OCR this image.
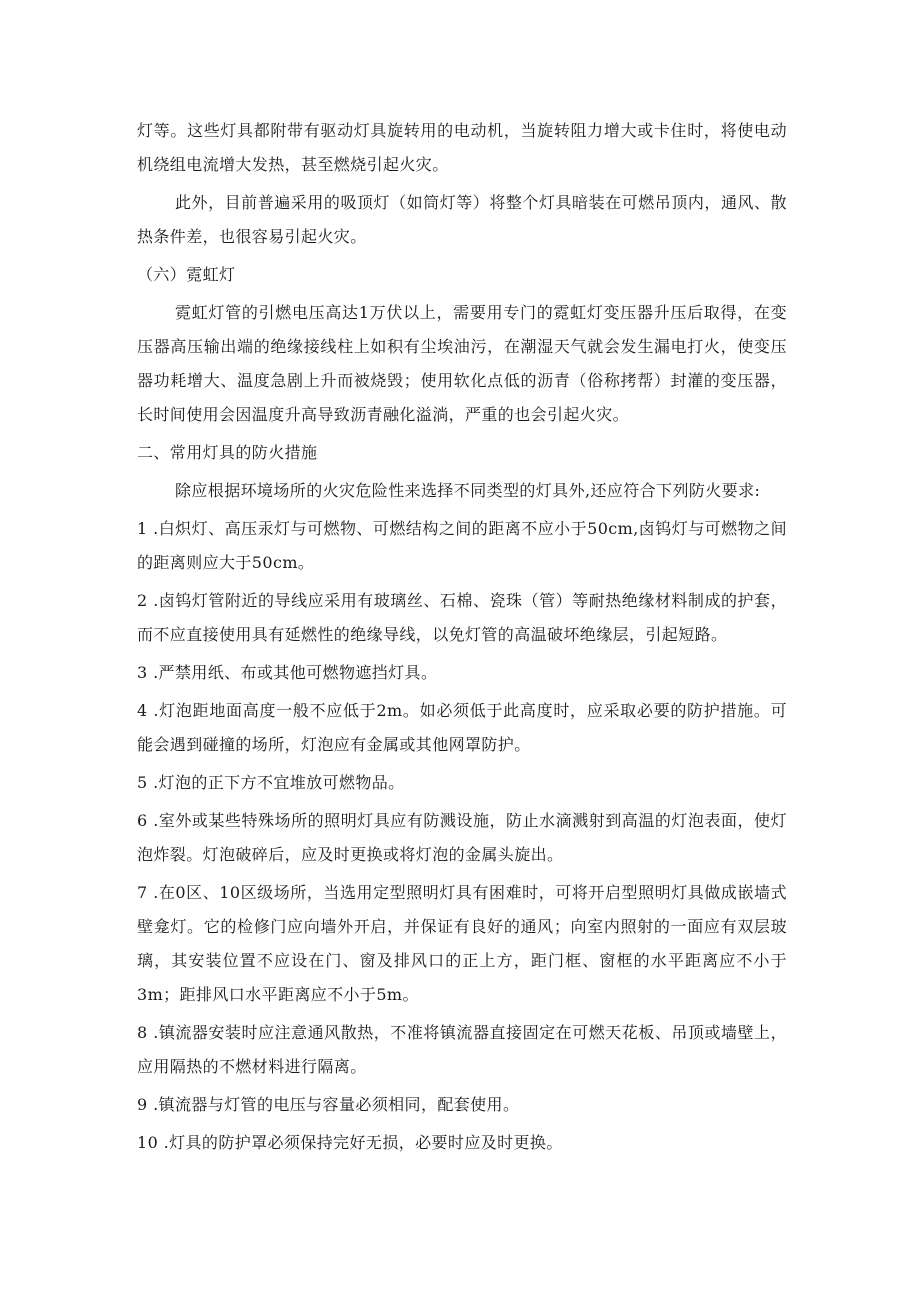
灯等。这些灯具都附带有驱动灯具旋转用的电动机，当旋转阻力增大或卡住时，将使电动机绕组电流增大发热，甚至燃烧引起火灾。

此外，目前普遍采用的吸顶灯（如筒灯等）将整个灯具暗装在可燃吊顶内，通风、散热条件差，也很容易引起火灾。

（六）霓虹灯

霓虹灯管的引燃电压高达1万伏以上，需要用专门的霓虹灯变压器升压后取得，在变压器高压输出端的绝缘接线柱上如积有尘埃油污，在潮湿天气就会发生漏电打火，使变压器功耗增大、温度急剧上升而被烧毁；使用软化点低的沥青（俗称拷帮）封灌的变压器，长时间使用会因温度升高导致沥青融化溢淌，严重的也会引起火灾。

二、常用灯具的防火措施

除应根据环境场所的火灾危险性来选择不同类型的灯具外,还应符合下列防火要求:

1 .白炽灯、高压汞灯与可燃物、可燃结构之间的距离不应小于50cm,卤钨灯与可燃物之间的距离则应大于50cm。

2 .卤钨灯管附近的导线应采用有玻璃丝、石棉、瓷珠（管）等耐热绝缘材料制成的护套，而不应直接使用具有延燃性的绝缘导线，以免灯管的高温破坏绝缘层，引起短路。

3 .严禁用纸、布或其他可燃物遮挡灯具。

4 .灯泡距地面高度一般不应低于2m。如必须低于此高度时，应采取必要的防护措施。可能会遇到碰撞的场所，灯泡应有金属或其他网罩防护。

5 .灯泡的正下方不宜堆放可燃物品。

6 .室外或某些特殊场所的照明灯具应有防溅设施，防止水滴溅射到高温的灯泡表面，使灯泡炸裂。灯泡破碎后，应及时更换或将灯泡的金属头旋出。

7 .在0区、10区级场所，当选用定型照明灯具有困难时，可将开启型照明灯具做成嵌墙式壁龛灯。它的检修门应向墙外开启，并保证有良好的通风；向室内照射的一面应有双层玻璃，其安装位置不应设在门、窗及排风口的正上方，距门框、窗框的水平距离应不小于3m；距排风口水平距离应不小于5m。

8 .镇流器安装时应注意通风散热，不准将镇流器直接固定在可燃天花板、吊顶或墙壁上，应用隔热的不燃材料进行隔离。

9 .镇流器与灯管的电压与容量必须相同，配套使用。

10 .灯具的防护罩必须保持完好无损，必要时应及时更换。
